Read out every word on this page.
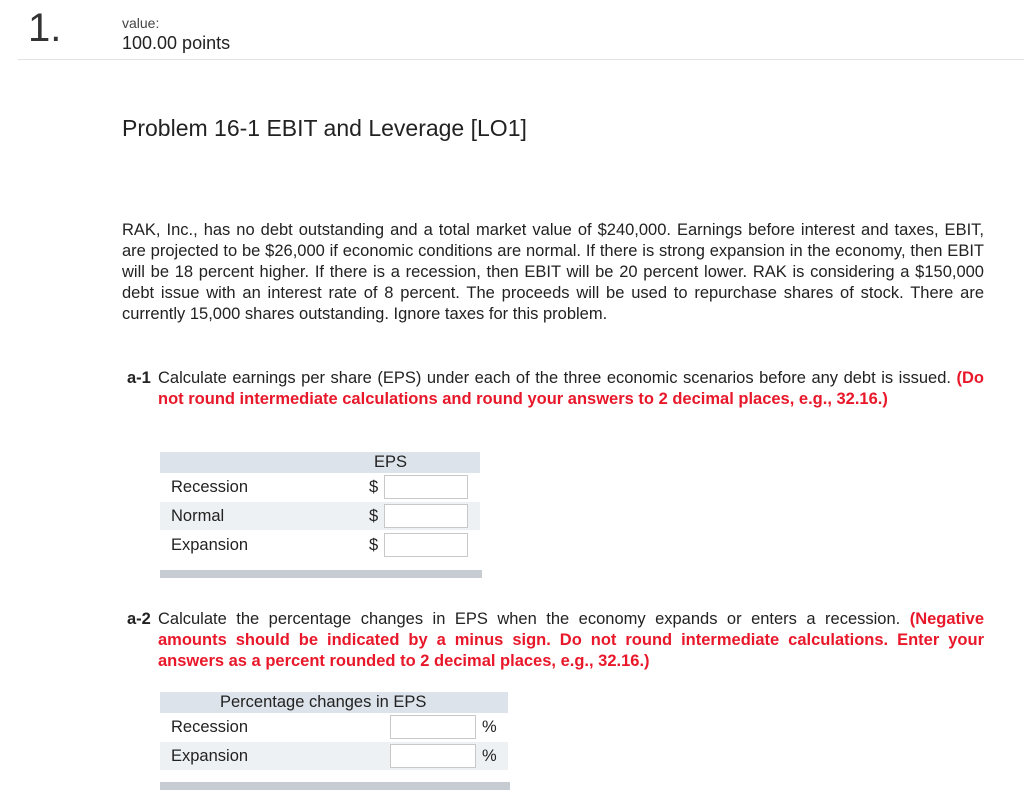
1.	value:
100.00 points
Problem 16-1 EBIT and Leverage [LO1]
RAK, Inc., has no debt outstanding and a total market value of $240,000. Earnings before interest and taxes, EBIT, are projected to be $26,000 if economic conditions are normal. If there is strong expansion in the economy, then EBIT will be 18 percent higher. If there is a recession, then EBIT will be 20 percent lower. RAK is considering a $150,000 debt issue with an interest rate of 8 percent. The proceeds will be used to repurchase shares of stock. There are currently 15,000 shares outstanding. Ignore taxes for this problem.
a-1 Calculate earnings per share (EPS) under each of the three economic scenarios before any debt is issued. (Do not round intermediate calculations and round your answers to 2 decimal places, e.g., 32.16.)
EPS
Recession	$
Normal	$
Expansion	$
a-2 Calculate the percentage changes in EPS when the economy expands or enters a recession. (Negative amounts should be indicated by a minus sign. Do not round intermediate calculations. Enter your answers as a percent rounded to 2 decimal places, e.g., 32.16.)
Percentage changes in EPS
Recession	%
Expansion	%
